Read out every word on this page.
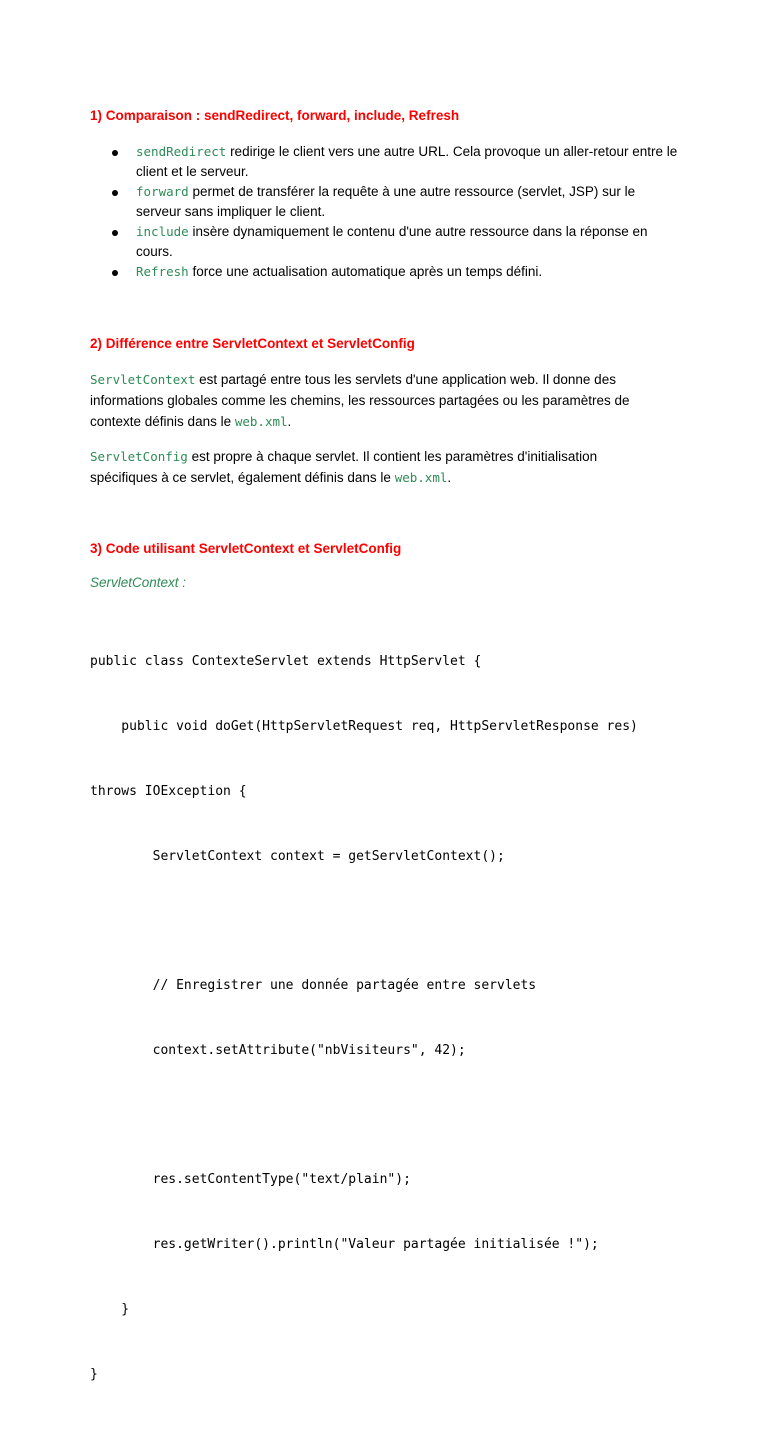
1) Comparaison : sendRedirect, forward, include, Refresh
sendRedirect redirige le client vers une autre URL. Cela provoque un aller-retour entre le client et le serveur.
forward permet de transférer la requête à une autre ressource (servlet, JSP) sur le serveur sans impliquer le client.
include insère dynamiquement le contenu d'une autre ressource dans la réponse en cours.
Refresh force une actualisation automatique après un temps défini.
2) Différence entre ServletContext et ServletConfig

ServletContext est partagé entre tous les servlets d'une application web. Il donne des informations globales comme les chemins, les ressources partagées ou les paramètres de contexte définis dans le web.xml.

ServletConfig est propre à chaque servlet. Il contient les paramètres d'initialisation spécifiques à ce servlet, également définis dans le web.xml.

3) Code utilisant ServletContext et ServletConfig
ServletContext :

public class ContexteServlet extends HttpServlet {

public void doGet(HttpServletRequest req, HttpServletResponse res)

throws IOException {

ServletContext context = getServletContext();

// Enregistrer une donnée partagée entre servlets

context.setAttribute("nbVisiteurs", 42);

res.setContentType("text/plain");

res.getWriter().println("Valeur partagée initialisée !");

}

}
